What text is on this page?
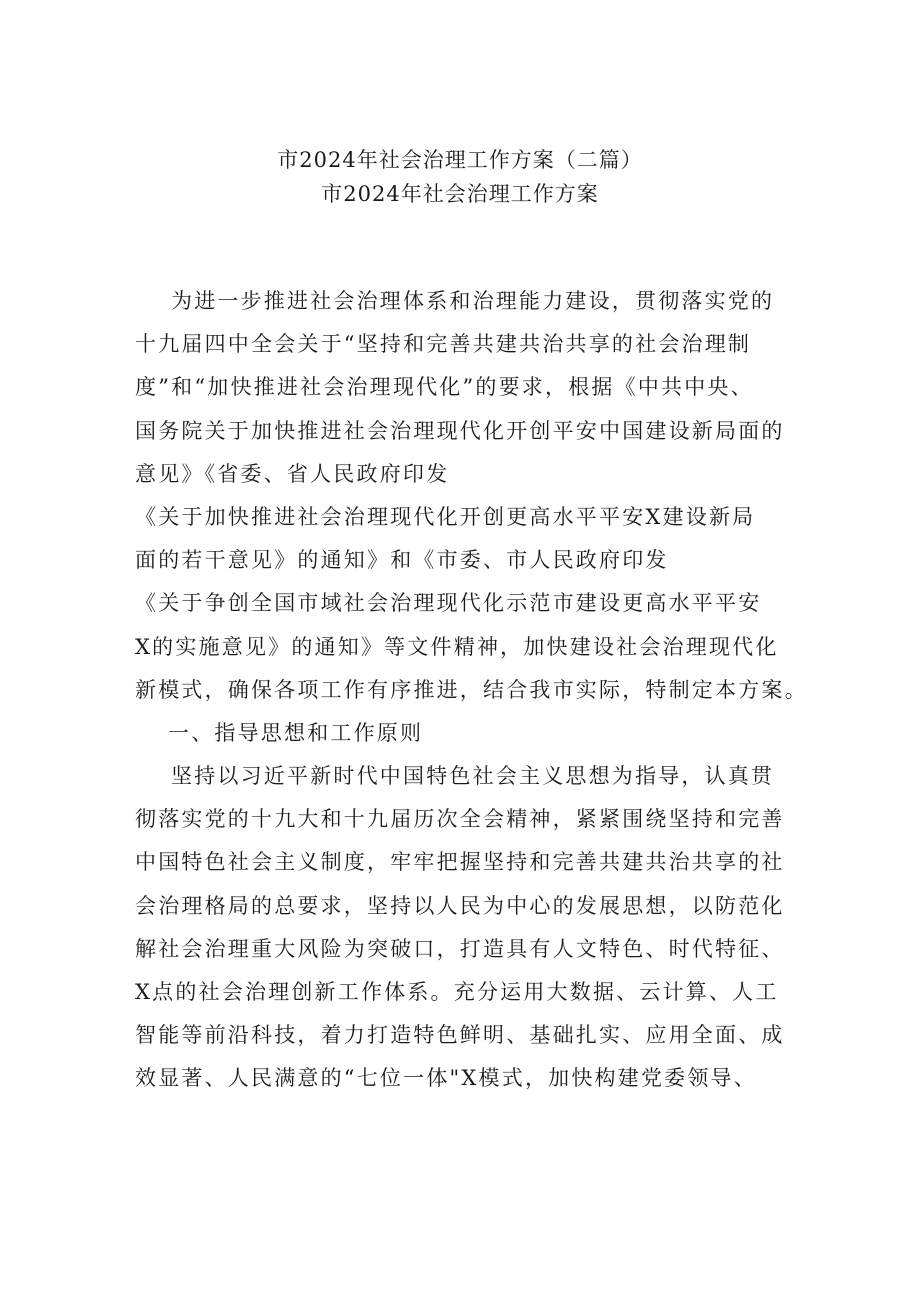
市2024年社会治理工作方案（二篇）
市2024年社会治理工作方案
为进一步推进社会治理体系和治理能力建设，贯彻落实党的
十九届四中全会关于“坚持和完善共建共治共享的社会治理制
度”和“加快推进社会治理现代化”的要求，根据《中共中央、
国务院关于加快推进社会治理现代化开创平安中国建设新局面的
意见》《省委、省人民政府印发
《关于加快推进社会治理现代化开创更高水平平安X建设新局
面的若干意见》的通知》和《市委、市人民政府印发
《关于争创全国市域社会治理现代化示范市建设更高水平平安
X的实施意见》的通知》等文件精神，加快建设社会治理现代化
新模式，确保各项工作有序推进，结合我市实际，特制定本方案。
一、指导思想和工作原则
坚持以习近平新时代中国特色社会主义思想为指导，认真贯
彻落实党的十九大和十九届历次全会精神，紧紧围绕坚持和完善
中国特色社会主义制度，牢牢把握坚持和完善共建共治共享的社
会治理格局的总要求，坚持以人民为中心的发展思想，以防范化
解社会治理重大风险为突破口，打造具有人文特色、时代特征、
X点的社会治理创新工作体系。充分运用大数据、云计算、人工
智能等前沿科技，着力打造特色鲜明、基础扎实、应用全面、成
效显著、人民满意的“七位一体"X模式，加快构建党委领导、
